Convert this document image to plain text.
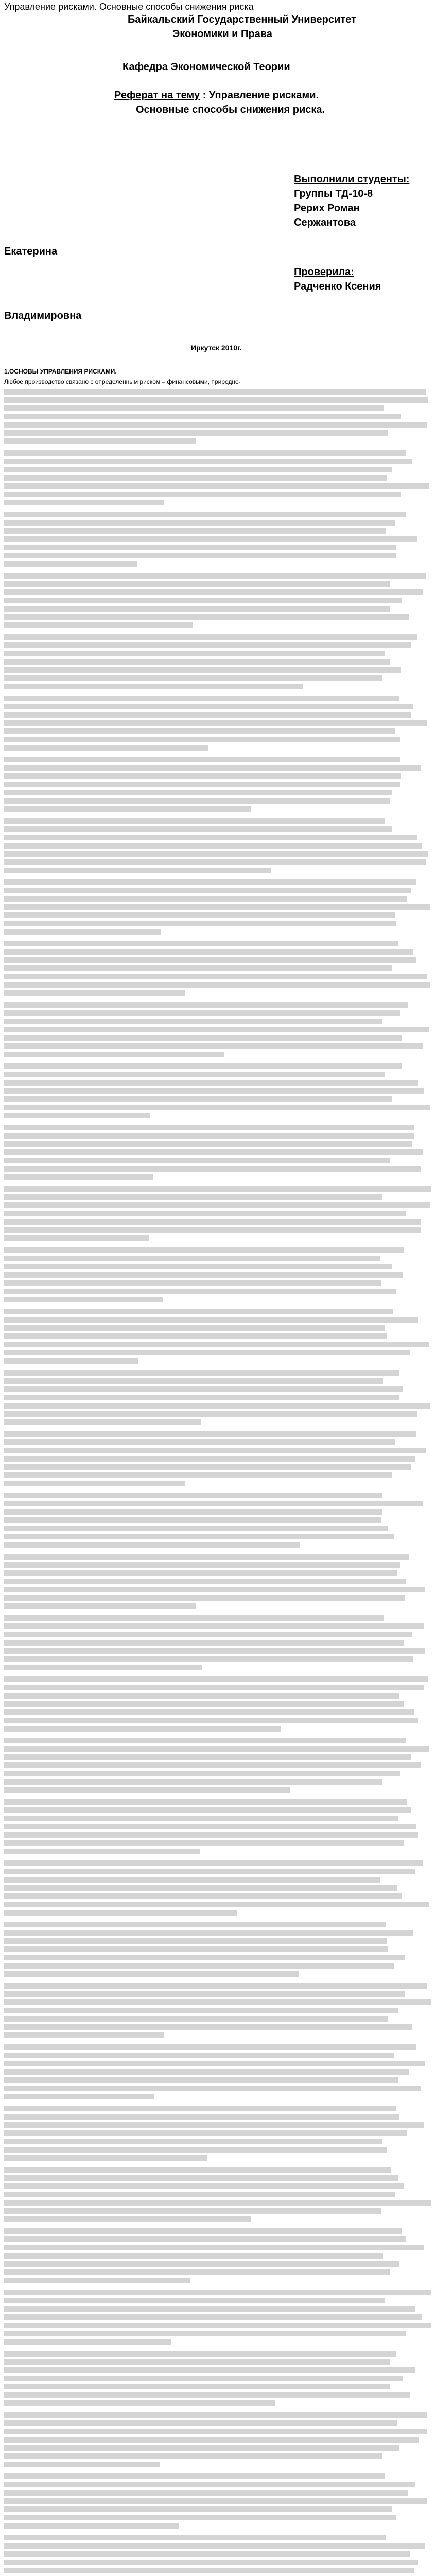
Управление рисками. Основные способы снижения риска
Байкальский Государственный Университет
Экономики и Права
Кафедра Экономической Теории
Реферат на тему : Управление рисками.
Основные способы снижения риска.
Выполнили студенты:
Группы ТД-10-8
Рерих Роман
Сержантова
Екатерина
Проверила:
Радченко Ксения
Владимировна
Иркутск 2010г.
1.ОСНОВЫ УПРАВЛЕНИЯ РИСКАМИ.
Любое производство связано с определенным риском – финансовыми, природно-
